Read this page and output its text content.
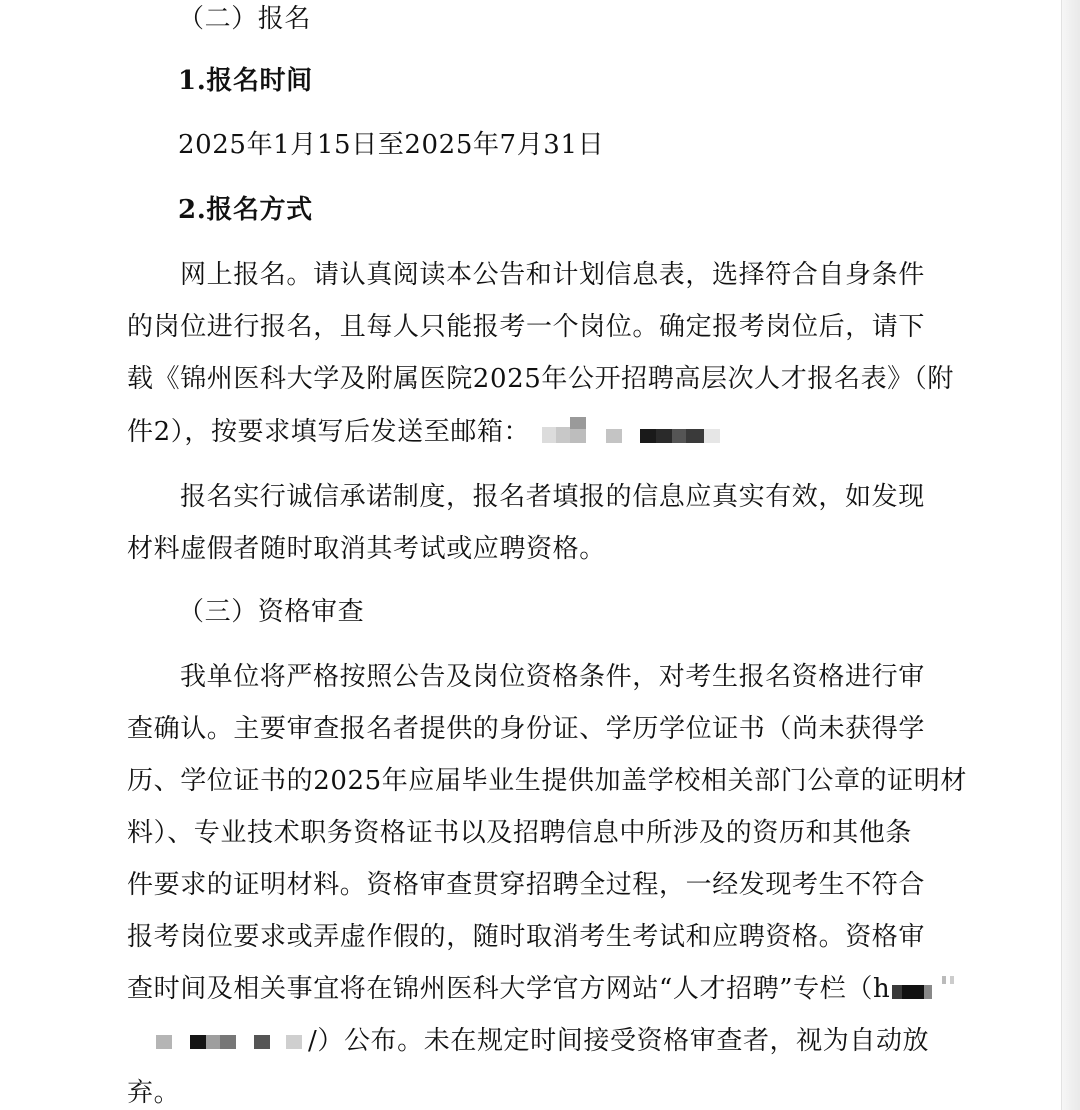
（二）报名
1.报名时间
2025年1月15日至2025年7月31日
2.报名方式
网上报名。请认真阅读本公告和计划信息表，选择符合自身条件
的岗位进行报名，且每人只能报考一个岗位。确定报考岗位后，请下
载《锦州医科大学及附属医院2025年公开招聘高层次人才报名表》（附
件2），按要求填写后发送至邮箱：
报名实行诚信承诺制度，报名者填报的信息应真实有效，如发现
材料虚假者随时取消其考试或应聘资格。
（三）资格审查
我单位将严格按照公告及岗位资格条件，对考生报名资格进行审
查确认。主要审查报名者提供的身份证、学历学位证书（尚未获得学
历、学位证书的2025年应届毕业生提供加盖学校相关部门公章的证明材
料）、专业技术职务资格证书以及招聘信息中所涉及的资历和其他条
件要求的证明材料。资格审查贯穿招聘全过程，一经发现考生不符合
报考岗位要求或弄虚作假的，随时取消考生考试和应聘资格。资格审
查时间及相关事宜将在锦州医科大学官方网站“人才招聘”专栏（h
/）公布。未在规定时间接受资格审查者，视为自动放
弃。
